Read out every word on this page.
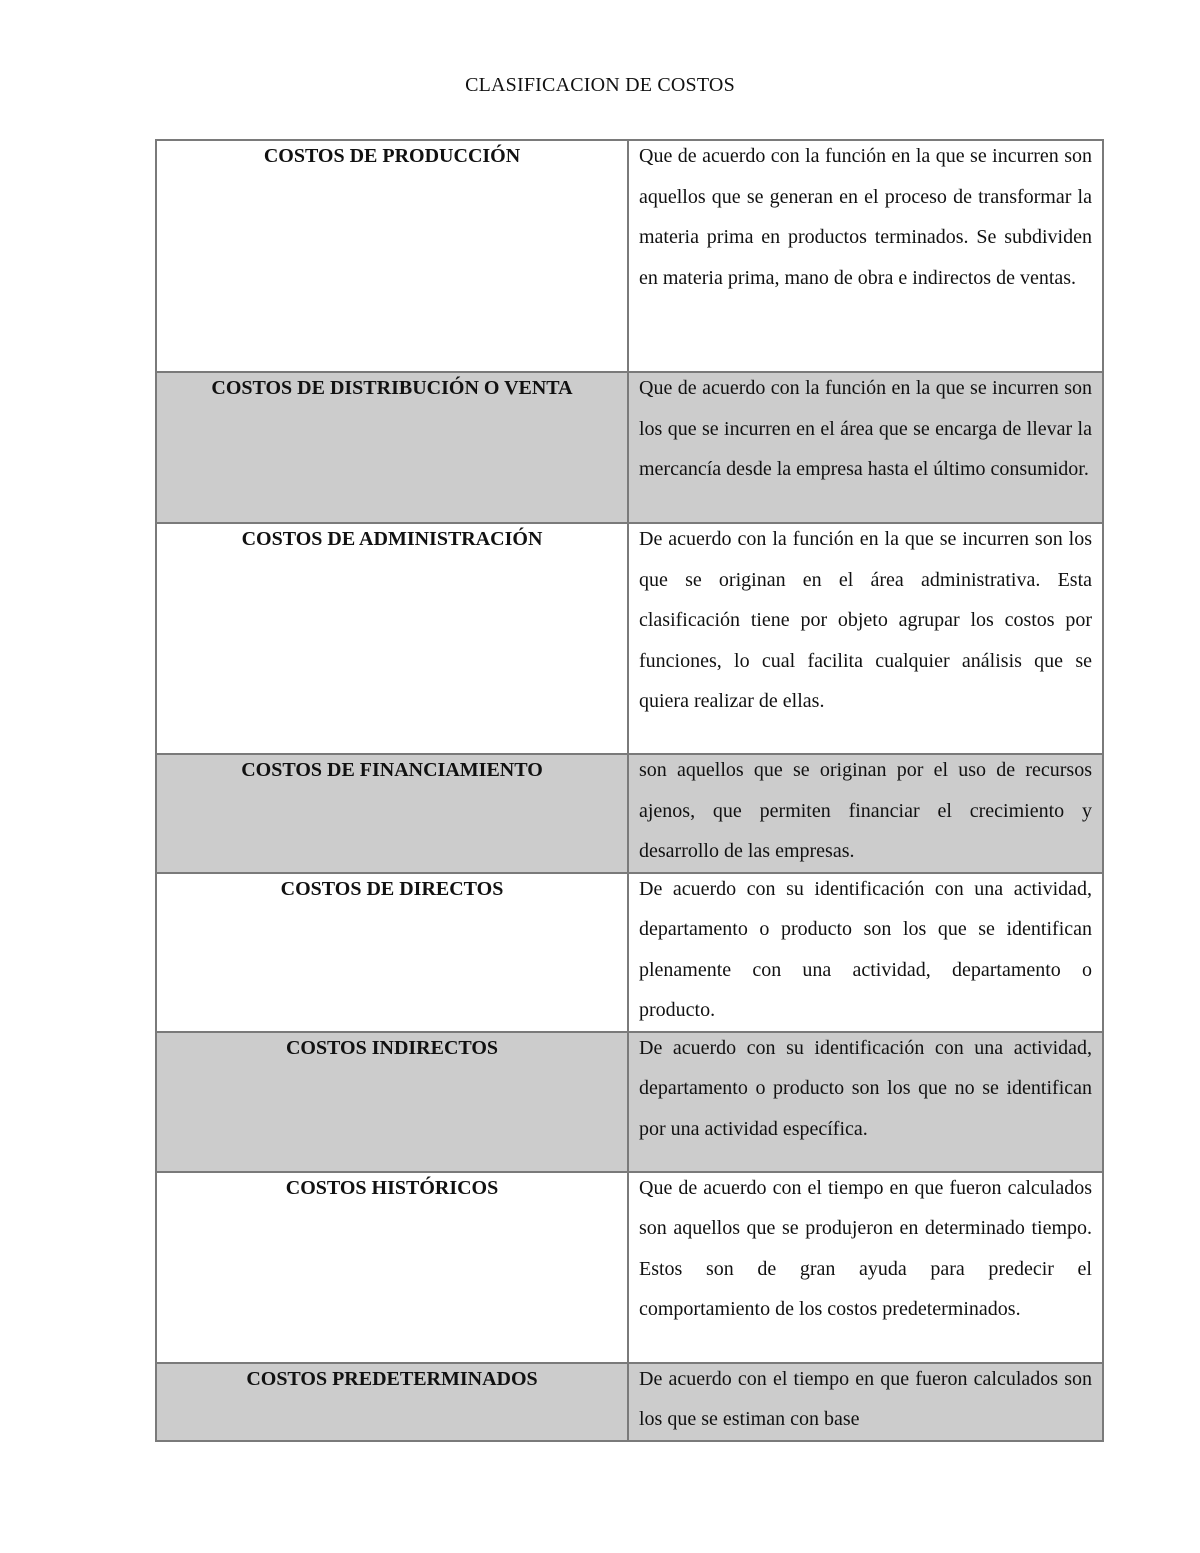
CLASIFICACION DE COSTOS
COSTOS DE PRODUCCIÓN	Que de acuerdo con la función en la que se incurren son aquellos que se generan en el proceso de transformar la materia prima en productos terminados. Se subdividen en materia prima, mano de obra e indirectos de ventas.

COSTOS DE DISTRIBUCIÓN O VENTA	Que de acuerdo con la función en la que se incurren son los que se incurren en el área que se encarga de llevar la mercancía desde la empresa hasta el último consumidor.

COSTOS DE ADMINISTRACIÓN	De acuerdo con la función en la que se incurren son los que se originan en el área administrativa. Esta clasificación tiene por objeto agrupar los costos por funciones, lo cual facilita cualquier análisis que se quiera realizar de ellas.

COSTOS DE FINANCIAMIENTO	son aquellos que se originan por el uso de recursos ajenos, que permiten financiar el crecimiento y desarrollo de las empresas.

COSTOS DE DIRECTOS	De acuerdo con su identificación con una actividad, departamento o producto son los que se identifican plenamente con una actividad, departamento o producto.

COSTOS INDIRECTOS	De acuerdo con su identificación con una actividad, departamento o producto son los que no se identifican por una actividad específica.

COSTOS HISTÓRICOS	Que de acuerdo con el tiempo en que fueron calculados son aquellos que se produjeron en determinado tiempo. Estos son de gran ayuda para predecir el comportamiento de los costos predeterminados.

COSTOS PREDETERMINADOS	De acuerdo con el tiempo en que fueron calculados son los que se estiman con base
